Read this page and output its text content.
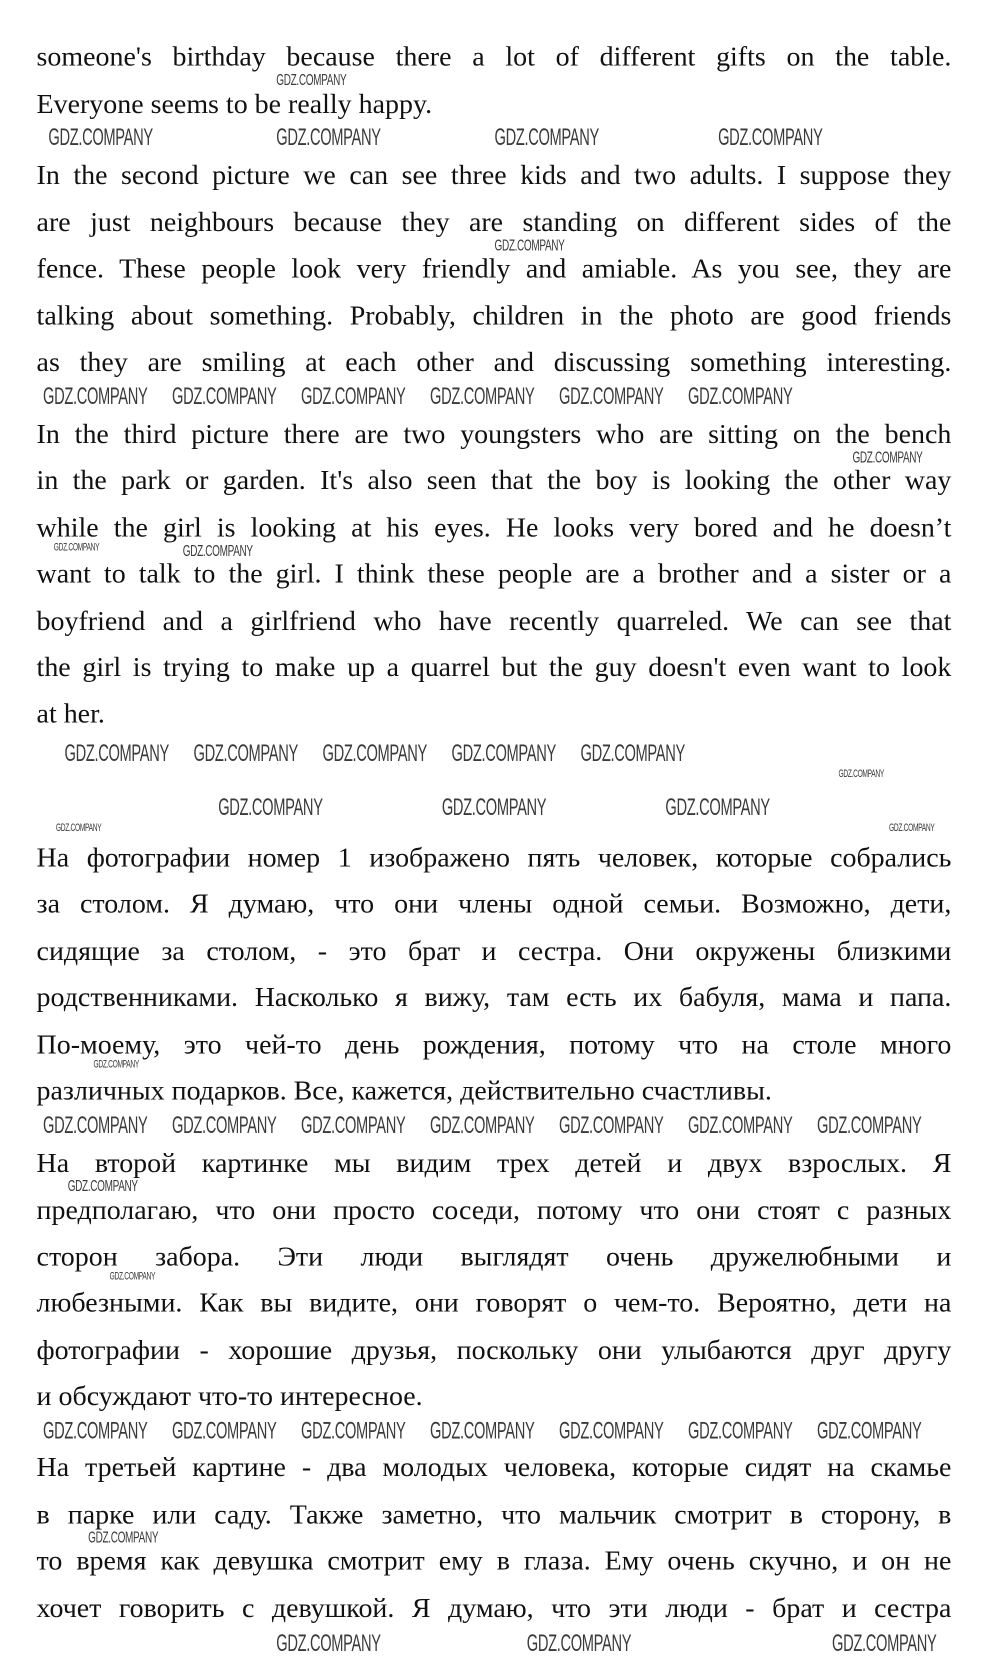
someone's birthday because there a lot of different gifts on the table.
Everyone seems to be really happy.
In the second picture we can see three kids and two adults. I suppose they
are just neighbours because they are standing on different sides of the
fence. These people look very friendly and amiable. As you see, they are
talking about something. Probably, children in the photo are good friends
as they are smiling at each other and discussing something interesting.
In the third picture there are two youngsters who are sitting on the bench
in the park or garden. It's also seen that the boy is looking the other way
while the girl is looking at his eyes. He looks very bored and he doesn’t
want to talk to the girl. I think these people are a brother and a sister or a
boyfriend and a girlfriend who have recently quarreled. We can see that
the girl is trying to make up a quarrel but the guy doesn't even want to look
at her.
На фотографии номер 1 изображено пять человек, которые собрались
за столом. Я думаю, что они члены одной семьи. Возможно, дети,
сидящие за столом, - это брат и сестра. Они окружены близкими
родственниками. Насколько я вижу, там есть их бабуля, мама и папа.
По-моему, это чей-то день рождения, потому что на столе много
различных подарков. Все, кажется, действительно счастливы.
На второй картинке мы видим трех детей и двух взрослых. Я
предполагаю, что они просто соседи, потому что они стоят с разных
сторон забора. Эти люди выглядят очень дружелюбными и
любезными. Как вы видите, они говорят о чем-то. Вероятно, дети на
фотографии - хорошие друзья, поскольку они улыбаются друг другу
и обсуждают что-то интересное.
На третьей картине - два молодых человека, которые сидят на скамье
в парке или саду. Также заметно, что мальчик смотрит в сторону, в
то время как девушка смотрит ему в глаза. Ему очень скучно, и он не
хочет говорить с девушкой. Я думаю, что эти люди - брат и сестра
GDZ.COMPANY
GDZ.COMPANY	GDZ.COMPANY	GDZ.COMPANY	GDZ.COMPANY
GDZ.COMPANY
GDZ.COMPANY GDZ.COMPANY GDZ.COMPANY GDZ.COMPANY GDZ.COMPANY GDZ.COMPANY
GDZ.COMPANY
GDZ.COMPANY	GDZ.COMPANY
GDZ.COMPANY GDZ.COMPANY GDZ.COMPANY GDZ.COMPANY GDZ.COMPANY
GDZ.COMPANY
GDZ.COMPANY	GDZ.COMPANY	GDZ.COMPANY
GDZ.COMPANY	GDZ.COMPANY
GDZ.COMPANY
GDZ.COMPANY GDZ.COMPANY GDZ.COMPANY GDZ.COMPANY GDZ.COMPANY GDZ.COMPANY GDZ.COMPANY
GDZ.COMPANY
GDZ.COMPANY
GDZ.COMPANY GDZ.COMPANY GDZ.COMPANY GDZ.COMPANY GDZ.COMPANY GDZ.COMPANY GDZ.COMPANY
GDZ.COMPANY
GDZ.COMPANY	GDZ.COMPANY	GDZ.COMPANY
